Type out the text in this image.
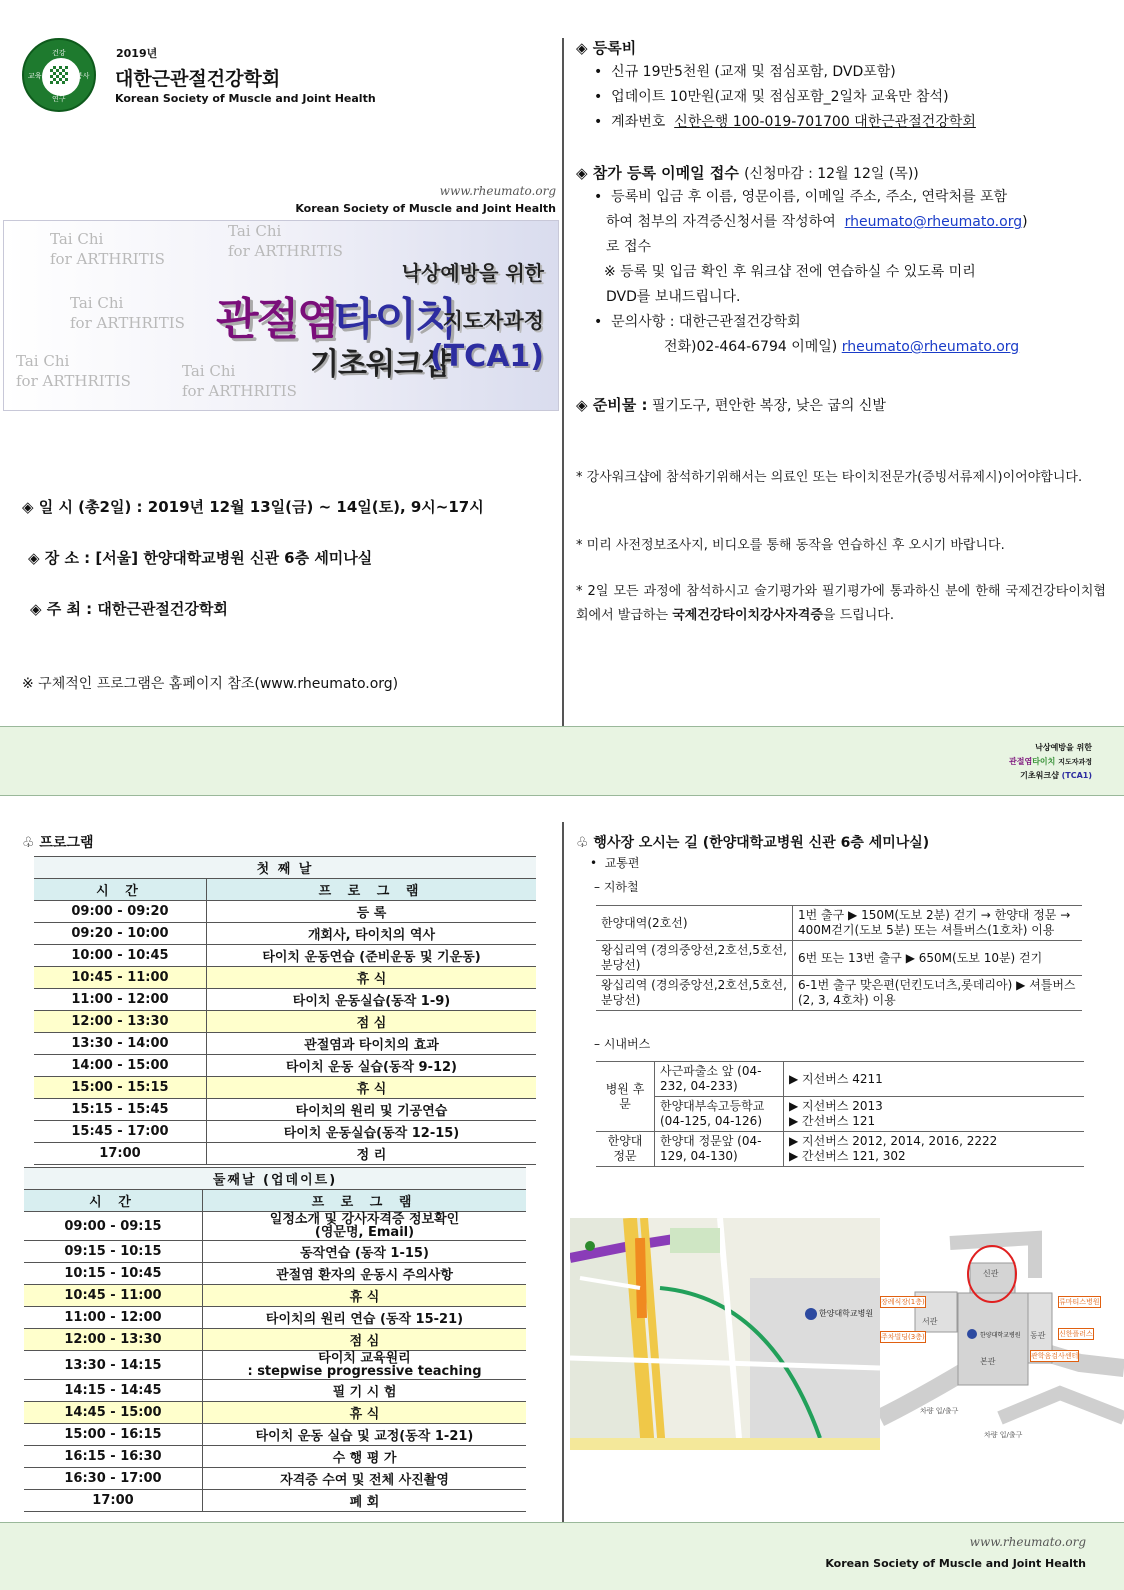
건강
교육	봉사
연구
2019년
대한근관절건강학회
Korean Society of Muscle and Joint Health
www.rheumato.org
Korean Society of Muscle and Joint Health
Tai Chi
for ARTHRITIS
Tai Chi
for ARTHRITIS
Tai Chi
for ARTHRITIS
Tai Chi
for ARTHRITIS
Tai Chi
for ARTHRITIS
낙상예방을 위한
관절염
타이치
지도자과정
기초워크샵
(TCA1)
◈ 일 시 (총2일) : 2019년 12월 13일(금) ~ 14일(토), 9시~17시
◈ 장 소 : [서울] 한양대학교병원 신관 6층 세미나실
◈ 주 최 : 대한근관절건강학회
※ 구체적인 프로그램은 홈페이지 참조(www.rheumato.org)
◈ 등록비
•  신규 19만5천원 (교재 및 점심포함, DVD포함)
•  업데이트 10만원(교재 및 점심포함_2일차 교육만 참석)
•  계좌번호 신한은행 100-019-701700 대한근관절건강학회
◈ 참가 등록 이메일 접수 (신청마감 : 12월 12일 (목))
•  등록비 입금 후 이름, 영문이름, 이메일 주소, 주소, 연락처를 포함
하여 첨부의 자격증신청서를 작성하여 rheumato@rheumato.org)
로 접수
※ 등록 및 입금 확인 후 워크샵 전에 연습하실 수 있도록 미리
DVD를 보내드립니다.
•  문의사항 : 대한근관절건강학회
전화)02-464-6794 이메일) rheumato@rheumato.org
◈ 준비물 : 필기도구, 편안한 복장, 낮은 굽의 신발
* 강사워크샵에 참석하기위해서는 의료인 또는 타이치전문가(증빙서류제시)이어야합니다.
* 미리 사전정보조사지, 비디오를 통해 동작을 연습하신 후 오시기 바랍니다.
* 2일 모든 과정에 참석하시고 술기평가와 필기평가에 통과하신 분에 한해 국제건강타이치협회에서 발급하는 국제건강타이치강사자격증을 드립니다.
낙상예방을 위한
관절염타이치 지도자과정
기초워크샵 (TCA1)
♧ 프로그램
첫 째 날	
시 간	프 로 그 램
09:00 - 09:20	등 록
09:20 - 10:00	개회사, 타이치의 역사
10:00 - 10:45	타이치 운동연습 (준비운동 및 기운동)
10:45 - 11:00	휴 식
11:00 - 12:00	타이치 운동실습(동작 1-9)
12:00 - 13:30	점 심
13:30 - 14:00	관절염과 타이치의 효과
14:00 - 15:00	타이치 운동 실습(동작 9-12)
15:00 - 15:15	휴 식
15:15 - 15:45	타이치의 원리 및 기공연습
15:45 - 17:00	타이치 운동실습(동작 12-15)
17:00	정 리
둘째날 (업데이트)	
시 간	프 로 그 램
09:00 - 09:15	일정소개 및 강사자격증 정보확인
(영문명, Email)

09:15 - 10:15	동작연습 (동작 1-15)
10:15 - 10:45	관절염 환자의 운동시 주의사항
10:45 - 11:00	휴 식
11:00 - 12:00	타이치의 원리 연습 (동작 15-21)
12:00 - 13:30	점 심
13:30 - 14:15	타이치 교육원리
: stepwise progressive teaching

14:15 - 14:45	필 기 시 험
14:45 - 15:00	휴 식
15:00 - 16:15	타이치 운동 실습 및 교정(동작 1-21)
16:15 - 16:30	수 행 평 가
16:30 - 17:00	자격증 수여 및 전체 사진촬영
17:00	폐 회
♧ 행사장 오시는 길 (한양대학교병원 신관 6층 세미나실)
•  교통편
– 지하철
한양대역(2호선)	1번 출구 ▶ 150M(도보 2분) 걷기 → 한양대 정문 → 400M걷기(도보 5분) 또는 셔틀버스(1호차) 이용
왕십리역 (경의중앙선,2호선,5호선,분당선)	6번 또는 13번 출구 ▶ 650M(도보 10분) 걷기
왕십리역 (경의중앙선,2호선,5호선,분당선)	6-1번 출구 맞은편(던킨도너츠,롯데리아) ▶ 셔틀버스(2, 3, 4호차) 이용
– 시내버스
병원 후문	사근파출소 앞 (04-232, 04-233)	▶ 지선버스 4211
	한양대부속고등학교 (04-125, 04-126)	▶ 지선버스 2013
▶ 간선버스 121

한양대 정문	한양대 정문앞 (04-129, 04-130)	▶ 지선버스 2012, 2014, 2016, 2222
▶ 간선버스 121, 302
한양대학교병원
신관
본관
서관
동관
한양대학교병원
장례식장(1층)
주차빌딩(3층)
류마티스병원
신한플러스
관학음검사센터
차량 입/출구
차량 입/출구
www.rheumato.org
Korean Society of Muscle and Joint Health
